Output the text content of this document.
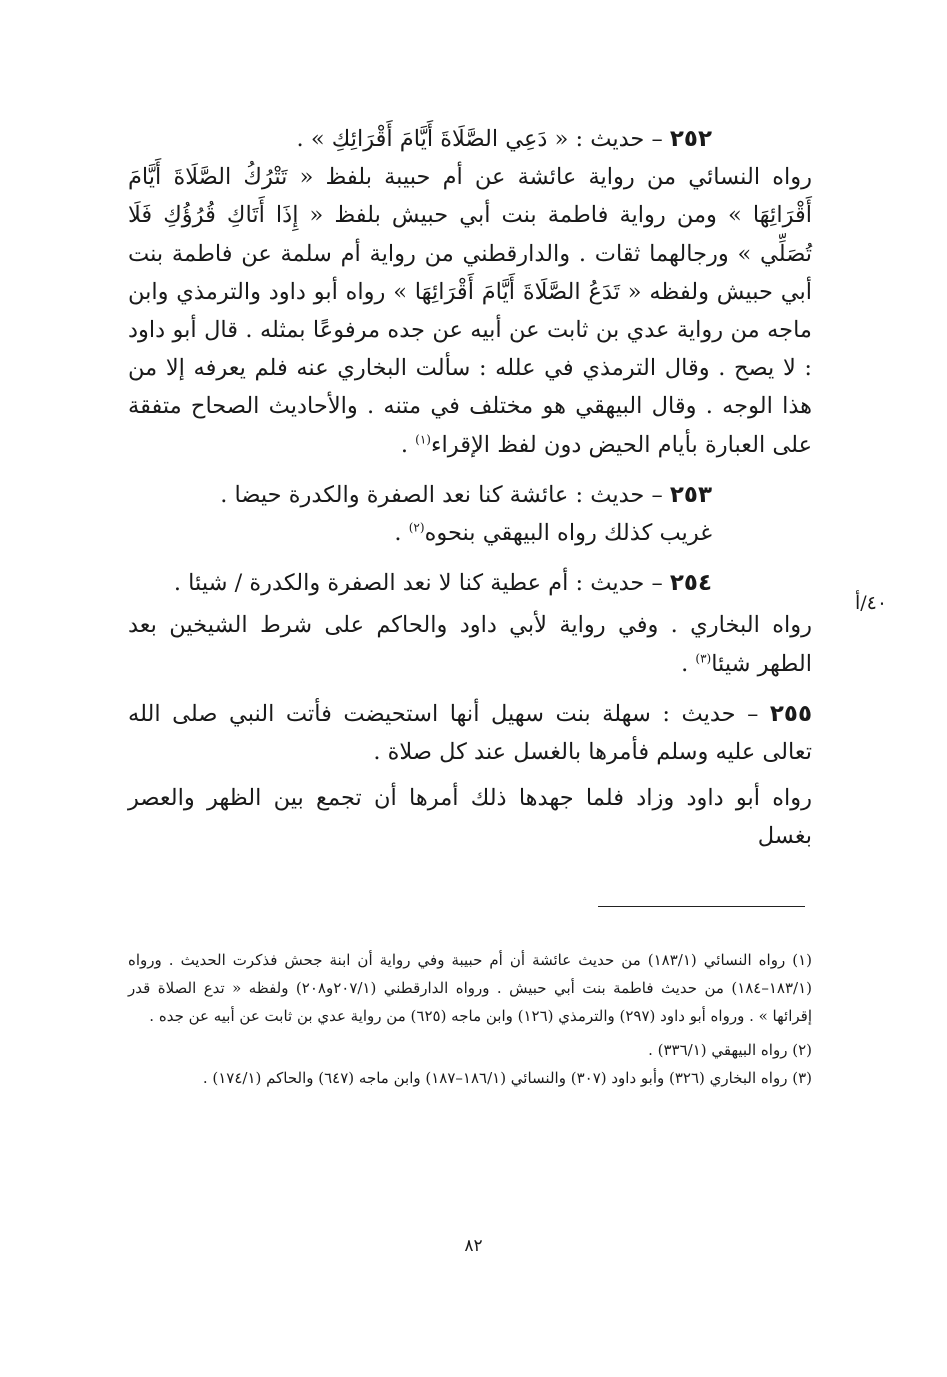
٢٥٢ – حديث : « دَعِي الصَّلَاةَ أَيَّامَ أَقْرَائِكِ » .

رواه النسائي من رواية عائشة عن أم حبيبة بلفظ « تَتْرُكُ الصَّلَاةَ أَيَّامَ أَقْرَائِهَا » ومن رواية فاطمة بنت أبي حبيش بلفظ « إِذَا أَتَاكِ قُرُؤُكِ فَلَا تُصَلِّي » ورجالهما ثقات . والدارقطني من رواية أم سلمة عن فاطمة بنت أبي حبيش ولفظه « تَدَعُ الصَّلَاةَ أَيَّامَ أَقْرَائِهَا » رواه أبو داود والترمذي وابن ماجه من رواية عدي بن ثابت عن أبيه عن جده مرفوعًا بمثله . قال أبو داود : لا يصح . وقال الترمذي في علله : سألت البخاري عنه فلم يعرفه إلا من هذا الوجه . وقال البيهقي هو مختلف في متنه . والأحاديث الصحاح متفقة على العبارة بأيام الحيض دون لفظ الإقراء$^{(١)}$ .

٢٥٣ – حديث : عائشة كنا نعد الصفرة والكدرة حيضا .

غريب كذلك رواه البيهقي بنحوه$^{(٢)}$ .

٢٥٤ – حديث : أم عطية كنا لا نعد الصفرة والكدرة / شيئا .

رواه البخاري . وفي رواية لأبي داود والحاكم على شرط الشيخين بعد الطهر شيئا$^{(٣)}$ .

٢٥٥ – حديث : سهلة بنت سهيل أنها استحيضت فأتت النبي صلى الله تعالى عليه وسلم فأمرها بالغسل عند كل صلاة .

رواه أبو داود وزاد فلما جهدها ذلك أمرها أن تجمع بين الظهر والعصر بغسل

٤٠/أ

(١) رواه النسائي (١٨٣/١) من حديث عائشة أن أم حبيبة وفي رواية أن ابنة جحش فذكرت الحديث . ورواه (١٨٣/١–١٨٤) من حديث فاطمة بنت أبي حبيش . ورواه الدارقطني (٢٠٧/١و٢٠٨) ولفظه « تدع الصلاة قدر إقرائها » . ورواه أبو داود (٢٩٧) والترمذي (١٢٦) وابن ماجه (٦٢٥) من رواية عدي بن ثابت عن أبيه عن جده .

(٢) رواه البيهقي (٣٣٦/١) .

(٣) رواه البخاري (٣٢٦) وأبو داود (٣٠٧) والنسائي (١٨٦/١–١٨٧) وابن ماجه (٦٤٧) والحاكم (١٧٤/١) .

٨٢
